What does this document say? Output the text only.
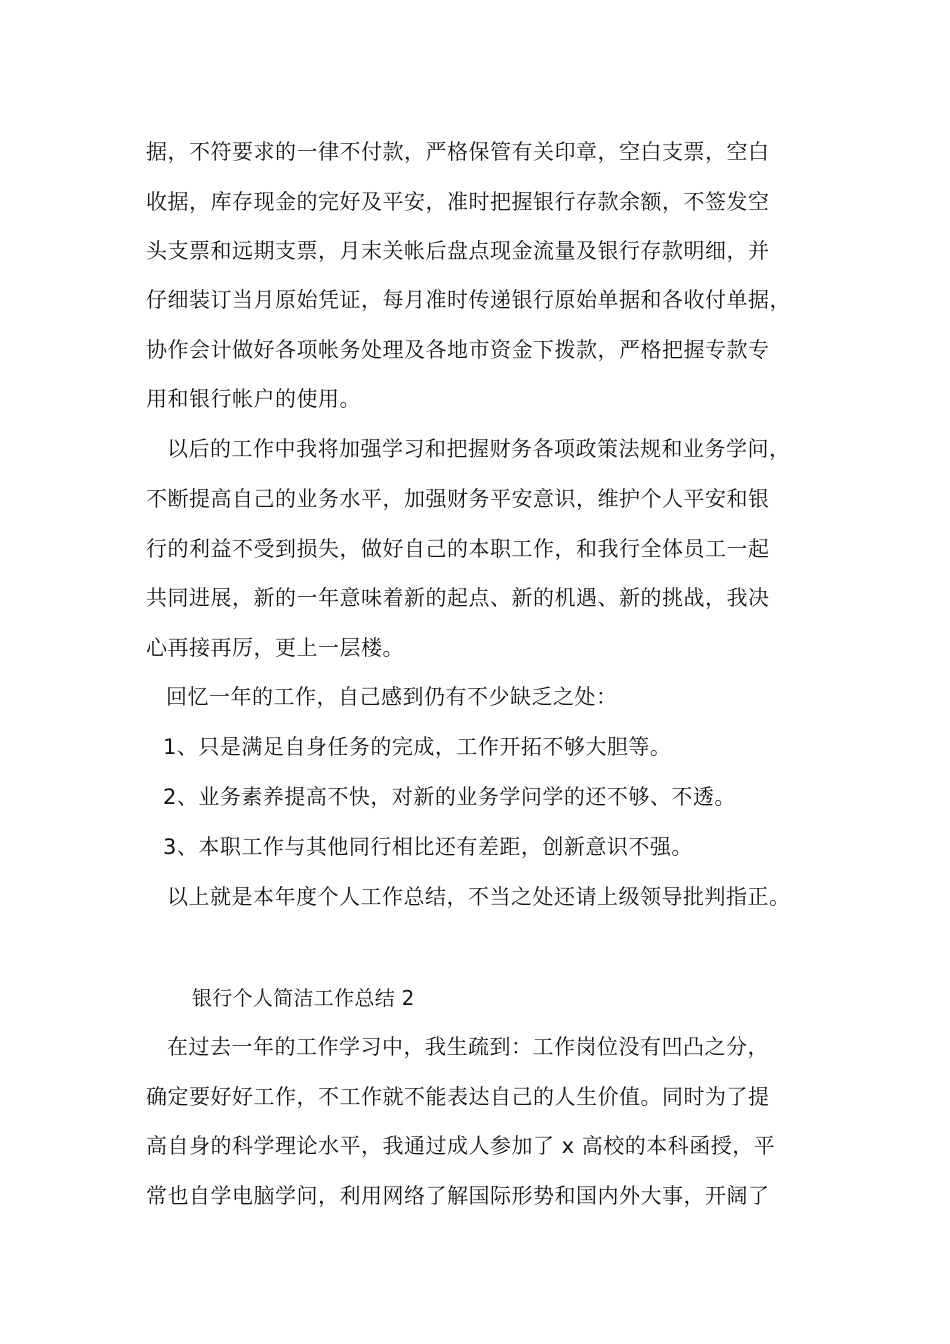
据，不符要求的一律不付款，严格保管有关印章，空白支票，空白
收据，库存现金的完好及平安，准时把握银行存款余额，不签发空
头支票和远期支票，月末关帐后盘点现金流量及银行存款明细，并
仔细装订当月原始凭证，每月准时传递银行原始单据和各收付单据，
协作会计做好各项帐务处理及各地市资金下拨款，严格把握专款专
用和银行帐户的使用。
以后的工作中我将加强学习和把握财务各项政策法规和业务学问，
不断提高自己的业务水平，加强财务平安意识，维护个人平安和银
行的利益不受到损失，做好自己的本职工作，和我行全体员工一起
共同进展，新的一年意味着新的起点、新的机遇、新的挑战，我决
心再接再厉，更上一层楼。
回忆一年的工作，自己感到仍有不少缺乏之处：
1、只是满足自身任务的完成，工作开拓不够大胆等。
2、业务素养提高不快，对新的业务学问学的还不够、不透。
3、本职工作与其他同行相比还有差距，创新意识不强。
以上就是本年度个人工作总结，不当之处还请上级领导批判指正。
银行个人简洁工作总结 2
在过去一年的工作学习中，我生疏到：工作岗位没有凹凸之分，
确定要好好工作，不工作就不能表达自己的人生价值。同时为了提
高自身的科学理论水平，我通过成人参加了 x 高校的本科函授，平
常也自学电脑学问，利用网络了解国际形势和国内外大事，开阔了
